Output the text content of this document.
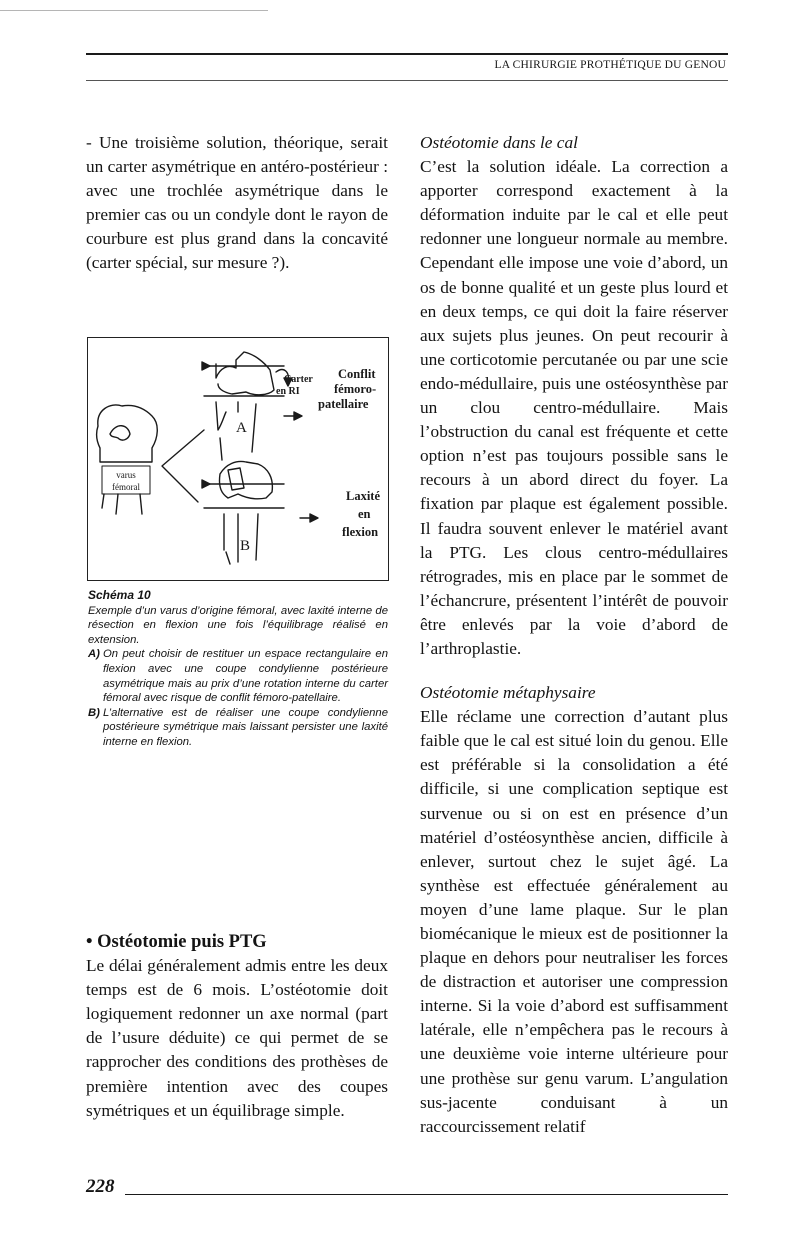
LA CHIRURGIE PROTHÉTIQUE DU GENOU

- Une troisième solution, théorique, serait un carter asymétrique en antéro-postérieur : avec une trochlée asymétrique dans le premier cas ou un condyle dont le rayon de courbure est plus grand dans la concavité (carter spécial, sur mesure ?).

varus
fémoral
Carter
en RI
Conflit
fémoro-
patellaire
Laxité
en
flexion
A
B

Schéma 10

Exemple d’un varus d’origine fémoral, avec laxité interne de résection en flexion une fois l’équilibrage réalisé en extension.

A) On peut choisir de restituer un espace rectangulaire en flexion avec une coupe condylienne postérieure asymétrique mais au prix d’une rotation interne du carter fémoral avec risque de conflit fémoro-patellaire.

B) L’alternative est de réaliser une coupe condylienne postérieure symétrique mais laissant persister une laxité interne en flexion.

• Ostéotomie puis PTG

Le délai généralement admis entre les deux temps est de 6 mois. L’ostéotomie doit logiquement redonner un axe normal (part de l’usure déduite) ce qui permet de se rapprocher des conditions des prothèses de première intention avec des coupes symétriques et un équilibrage simple.

Ostéotomie dans le cal

C’est la solution idéale. La correction a apporter correspond exactement à la déformation induite par le cal et elle peut redonner une longueur normale au membre. Cependant elle impose une voie d’abord, un os de bonne qualité et un geste plus lourd et en deux temps, ce qui doit la faire réserver aux sujets plus jeunes. On peut recourir à une corticotomie percutanée ou par une scie endo-médullaire, puis une ostéosynthèse par un clou centro-médullaire. Mais l’obstruction du canal est fréquente et cette option n’est pas toujours possible sans le recours à un abord direct du foyer. La fixation par plaque est également possible. Il faudra souvent enlever le matériel avant la PTG. Les clous centro-médullaires rétrogrades, mis en place par le sommet de l’échancrure, présentent l’intérêt de pouvoir être enlevés par la voie d’abord de l’arthroplastie.

Ostéotomie métaphysaire

Elle réclame une correction d’autant plus faible que le cal est situé loin du genou. Elle est préférable si la consolidation a été difficile, si une complication septique est survenue ou si on est en présence d’un matériel d’ostéosynthèse ancien, difficile à enlever, surtout chez le sujet âgé. La synthèse est effectuée généralement au moyen d’une lame plaque. Sur le plan biomécanique le mieux est de positionner la plaque en dehors pour neutraliser les forces de distraction et autoriser une compression interne. Si la voie d’abord est suffisamment latérale, elle n’empêchera pas le recours à une deuxième voie interne ultérieure pour une prothèse sur genu varum. L’angulation sus-jacente conduisant à un raccourcissement relatif

228
